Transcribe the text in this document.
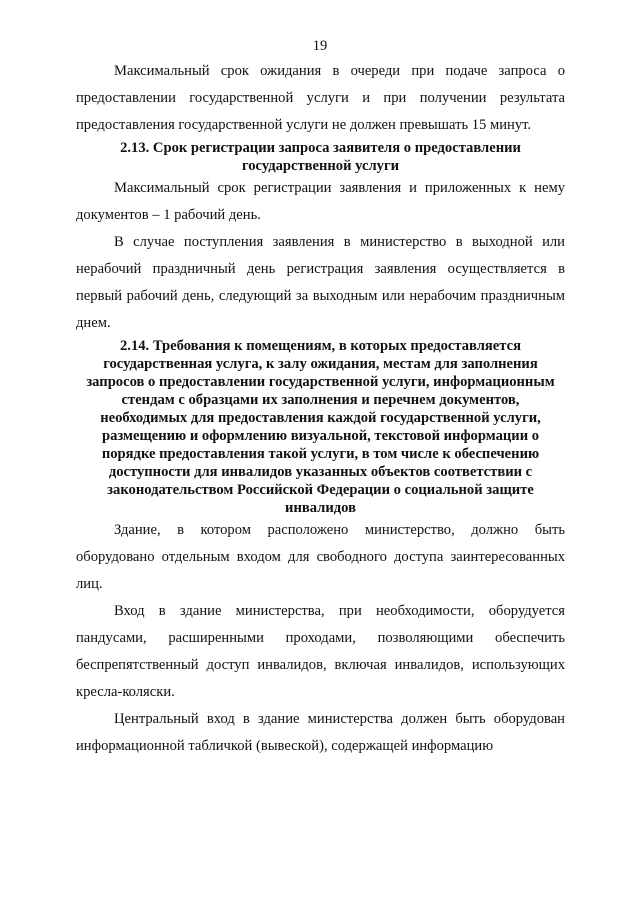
19

Максимальный срок ожидания в очереди при подаче запроса о предоставлении государственной услуги и при получении результата предоставления государственной услуги не должен превышать 15 минут.

2.13. Срок регистрации запроса заявителя о предоставлении государственной услуги

Максимальный срок регистрации заявления и приложенных к нему документов – 1 рабочий день.

В случае поступления заявления в министерство в выходной или нерабочий праздничный день регистрация заявления осуществляется в первый рабочий день, следующий за выходным или нерабочим праздничным днем.

2.14. Требования к помещениям, в которых предоставляется государственная услуга, к залу ожидания, местам для заполнения запросов о предоставлении государственной услуги, информационным стендам с образцами их заполнения и перечнем документов, необходимых для предоставления каждой государственной услуги, размещению и оформлению визуальной, текстовой информации о порядке предоставления такой услуги, в том числе к обеспечению доступности для инвалидов указанных объектов соответствии с законодательством Российской Федерации о социальной защите инвалидов

Здание, в котором расположено министерство, должно быть оборудовано отдельным входом для свободного доступа заинтересованных лиц.

Вход в здание министерства, при необходимости, оборудуется пандусами, расширенными проходами, позволяющими обеспечить беспрепятственный доступ инвалидов, включая инвалидов, использующих кресла-коляски.

Центральный вход в здание министерства должен быть оборудован информационной табличкой (вывеской), содержащей информацию
